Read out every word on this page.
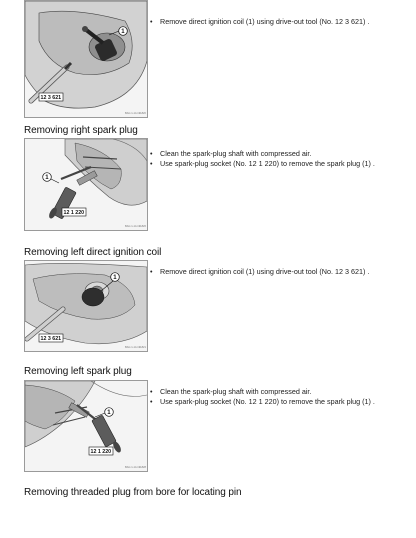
1
12 3 621
BAG 1-14-191820
• Remove direct ignition coil (1) using drive-out tool (No. 12 3 621) .
Removing right spark plug
1
12 1 220
BAG 1-14-191826
• Clean the spark-plug shaft with compressed air.
• Use spark-plug socket (No. 12 1 220) to remove the spark plug (1) .
Removing left direct ignition coil
1
12 3 621
BAG 1-14-191821
• Remove direct ignition coil (1) using drive-out tool (No. 12 3 621) .
Removing left spark plug
1
12 1 220
BAG 1-14-191828
• Clean the spark-plug shaft with compressed air.
• Use spark-plug socket (No. 12 1 220) to remove the spark plug (1) .
Removing threaded plug from bore for locating pin
